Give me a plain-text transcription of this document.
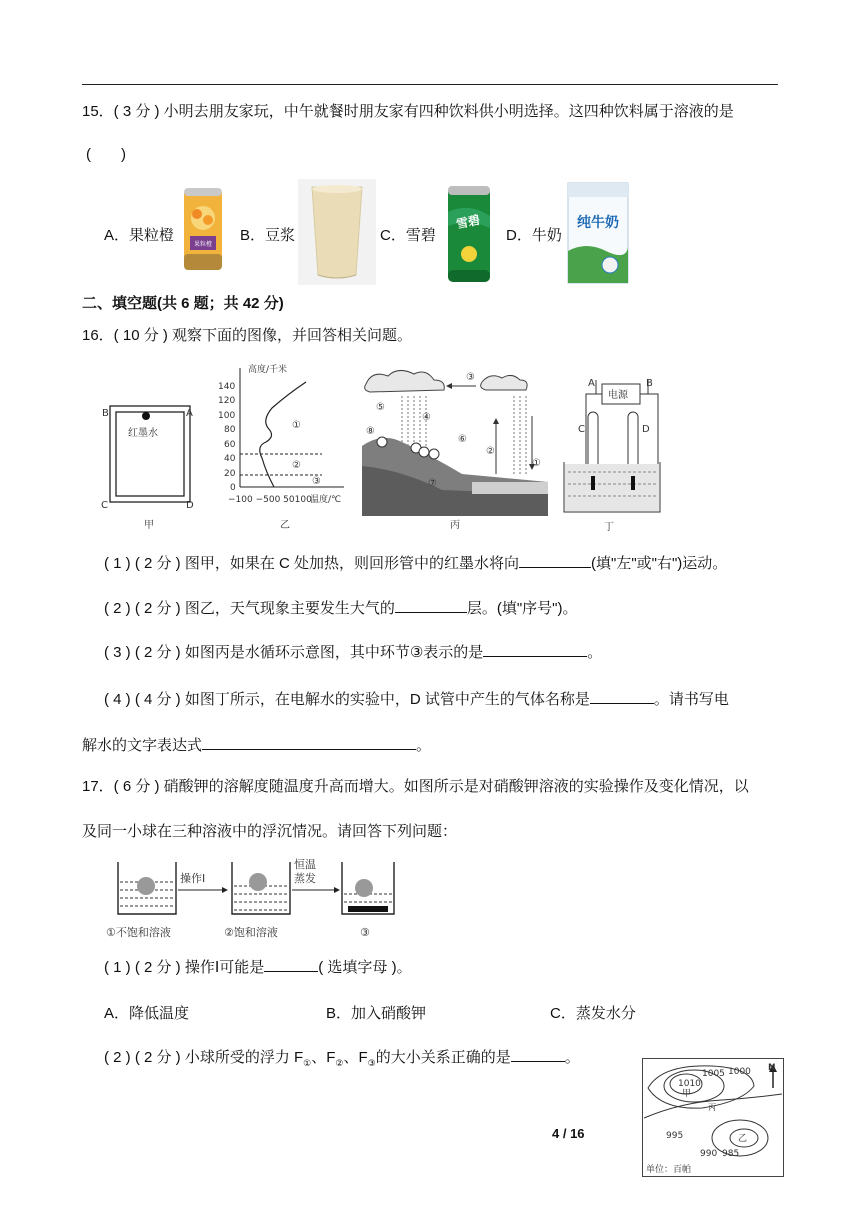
15．( 3 分 ) 小明去朋友家玩，中午就餐时朋友家有四种饮料供小明选择。这四种饮料属于溶液的是
(　　)
A．果粒橙
果粒橙
B．豆浆	C．雪碧
雪碧
D．牛奶
纯牛奶
二、填空题(共 6 题；共 42 分)
16．( 10 分 ) 观察下面的图像，并回答相关问题。
B	A
C	D
红墨水
甲
高度/千米
140
120
100
80
60
40
20
0
①
②
③
−100 −500 50100
温度/℃
乙
③
②
①
⑤
④
⑧
⑥
⑦
丙
电源
A	B
C	D
丁
( 1 ) ( 2 分 ) 图甲，如果在 C 处加热，则回形管中的红墨水将向	(填"左"或"右")运动。
( 2 ) ( 2 分 ) 图乙，天气现象主要发生大气的	层。(填"序号")。
( 3 ) ( 2 分 ) 如图丙是水循环示意图，其中环节③表示的是	。
( 4 ) ( 4 分 ) 如图丁所示，在电解水的实验中，D 试管中产生的气体名称是	。请书写电
解水的文字表达式	。
17．( 6 分 ) 硝酸钾的溶解度随温度升高而增大。如图所示是对硝酸钾溶液的实验操作及变化情况，以
及同一小球在三种溶液中的浮沉情况。请回答下列问题：
①不饱和溶液
操作Ⅰ
②饱和溶液
恒温
蒸发
③
( 1 ) ( 2 分 ) 操作Ⅰ可能是	( 选填字母 )。
A．降低温度	B．加入硝酸钾	C．蒸发水分
( 2 ) ( 2 分 ) 小球所受的浮力 $F_①$、$F_②$、$F_③$的大小关系正确的是	。
1010
1005 1000
甲
丙
995	乙
990 985
N
单位：百帕
4 / 16
